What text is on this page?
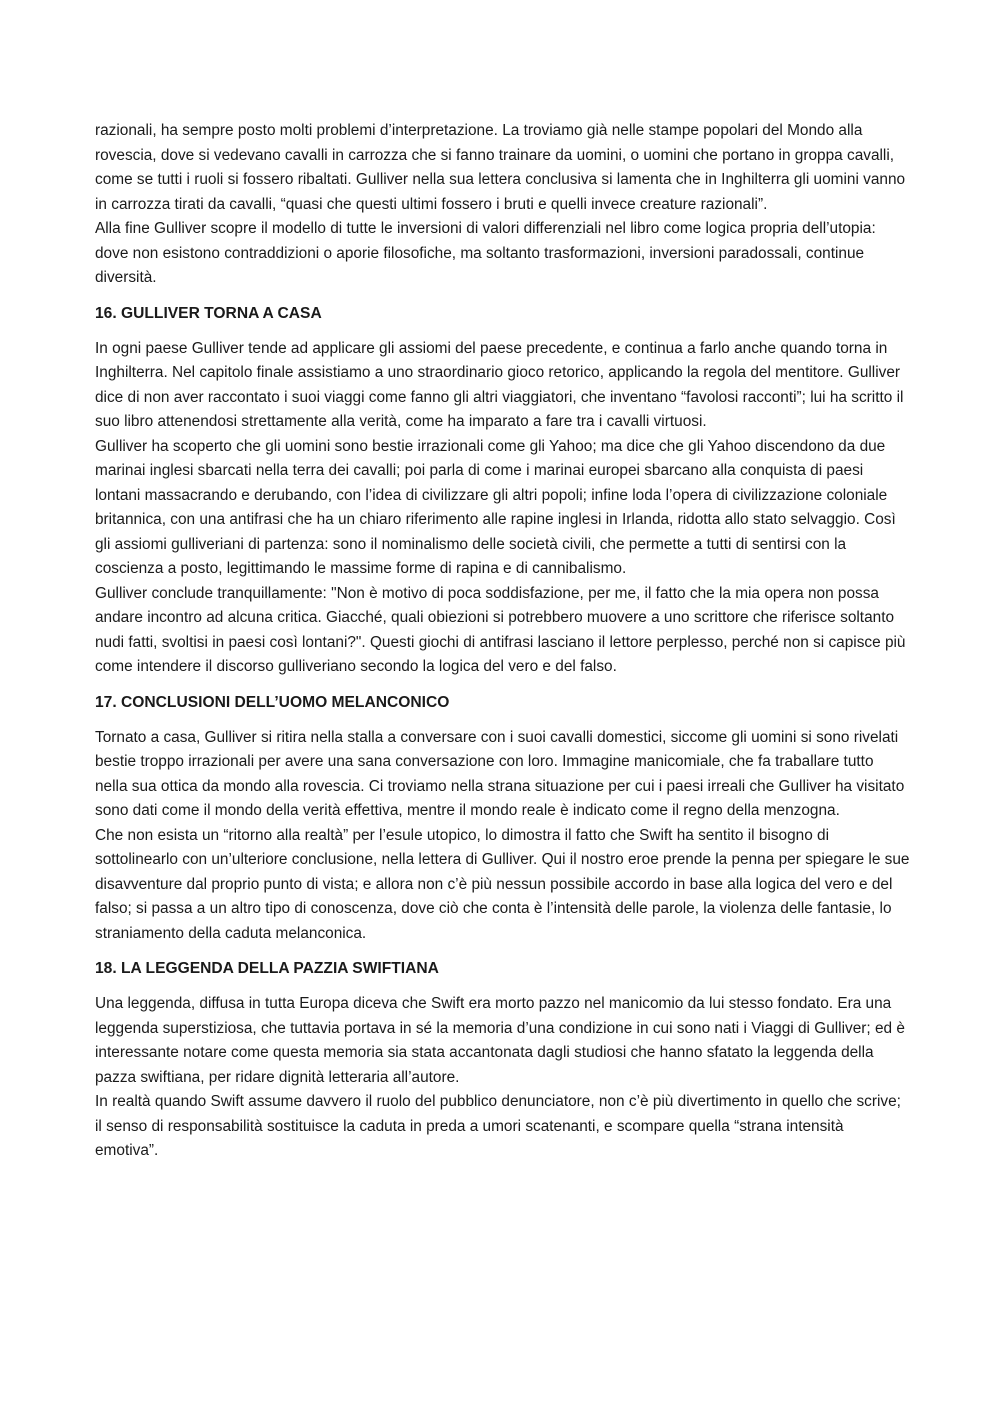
razionali, ha sempre posto molti problemi d’interpretazione. La troviamo già nelle stampe popolari del Mondo alla rovescia, dove si vedevano cavalli in carrozza che si fanno trainare da uomini, o uomini che portano in groppa cavalli, come se tutti i ruoli si fossero ribaltati. Gulliver nella sua lettera conclusiva si lamenta che in Inghilterra gli uomini vanno in carrozza tirati da cavalli, “quasi che questi ultimi fossero i bruti e quelli invece creature razionali”.

Alla fine Gulliver scopre il modello di tutte le inversioni di valori differenziali nel libro come logica propria dell’utopia: dove non esistono contraddizioni o aporie filosofiche, ma soltanto trasformazioni, inversioni paradossali, continue diversità.

16. GULLIVER TORNA A CASA

In ogni paese Gulliver tende ad applicare gli assiomi del paese precedente, e continua a farlo anche quando torna in Inghilterra. Nel capitolo finale assistiamo a uno straordinario gioco retorico, applicando la regola del mentitore. Gulliver dice di non aver raccontato i suoi viaggi come fanno gli altri viaggiatori, che inventano “favolosi racconti”; lui ha scritto il suo libro attenendosi strettamente alla verità, come ha imparato a fare tra i cavalli virtuosi.

Gulliver ha scoperto che gli uomini sono bestie irrazionali come gli Yahoo; ma dice che gli Yahoo discendono da due marinai inglesi sbarcati nella terra dei cavalli; poi parla di come i marinai europei sbarcano alla conquista di paesi lontani massacrando e derubando, con l’idea di civilizzare gli altri popoli; infine loda l’opera di civilizzazione coloniale britannica, con una antifrasi che ha un chiaro riferimento alle rapine inglesi in Irlanda, ridotta allo stato selvaggio. Così gli assiomi gulliveriani di partenza: sono il nominalismo delle società civili, che permette a tutti di sentirsi con la coscienza a posto, legittimando le massime forme di rapina e di cannibalismo.

Gulliver conclude tranquillamente: "Non è motivo di poca soddisfazione, per me, il fatto che la mia opera non possa andare incontro ad alcuna critica. Giacché, quali obiezioni si potrebbero muovere a uno scrittore che riferisce soltanto nudi fatti, svoltisi in paesi così lontani?". Questi giochi di antifrasi lasciano il lettore perplesso, perché non si capisce più come intendere il discorso gulliveriano secondo la logica del vero e del falso.

17. CONCLUSIONI DELL’UOMO MELANCONICO

Tornato a casa, Gulliver si ritira nella stalla a conversare con i suoi cavalli domestici, siccome gli uomini si sono rivelati bestie troppo irrazionali per avere una sana conversazione con loro. Immagine manicomiale, che fa traballare tutto nella sua ottica da mondo alla rovescia. Ci troviamo nella strana situazione per cui i paesi irreali che Gulliver ha visitato sono dati come il mondo della verità effettiva, mentre il mondo reale è indicato come il regno della menzogna.

Che non esista un “ritorno alla realtà” per l’esule utopico, lo dimostra il fatto che Swift ha sentito il bisogno di sottolinearlo con un’ulteriore conclusione, nella lettera di Gulliver. Qui il nostro eroe prende la penna per spiegare le sue disavventure dal proprio punto di vista; e allora non c’è più nessun possibile accordo in base alla logica del vero e del falso; si passa a un altro tipo di conoscenza, dove ciò che conta è l’intensità delle parole, la violenza delle fantasie, lo straniamento della caduta melanconica.

18. LA LEGGENDA DELLA PAZZIA SWIFTIANA

Una leggenda, diffusa in tutta Europa diceva che Swift era morto pazzo nel manicomio da lui stesso fondato. Era una leggenda superstiziosa, che tuttavia portava in sé la memoria d’una condizione in cui sono nati i Viaggi di Gulliver; ed è interessante notare come questa memoria sia stata accantonata dagli studiosi che hanno sfatato la leggenda della pazza swiftiana, per ridare dignità letteraria all’autore.

In realtà quando Swift assume davvero il ruolo del pubblico denunciatore, non c’è più divertimento in quello che scrive; il senso di responsabilità sostituisce la caduta in preda a umori scatenanti, e scompare quella “strana intensità emotiva”.
